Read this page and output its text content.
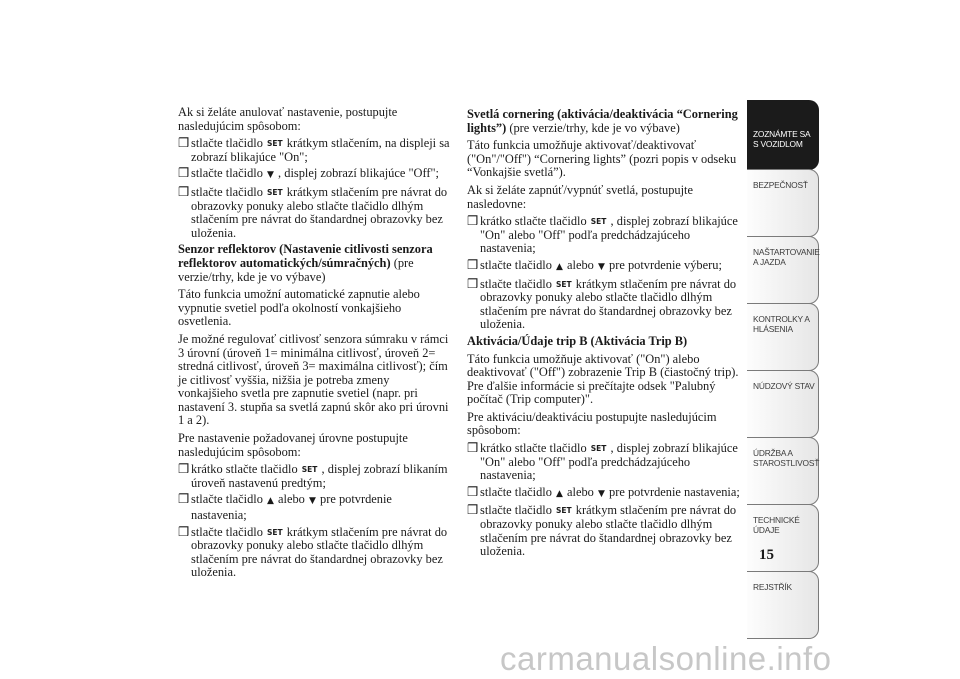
Ak si želáte anulovať nastavenie, postupujte nasledujúcim spôsobom:

❒ stlačte tlačidlo SET krátkym stlačením, na displeji sa zobrazí blikajúce "On";
❒ stlačte tlačidlo ▼ , displej zobrazí blikajúce "Off";
❒ stlačte tlačidlo SET krátkym stlačením pre návrat do obrazovky ponuky alebo stlačte tlačidlo dlhým stlačením pre návrat do štandardnej obrazovky bez uloženia.

Senzor reflektorov (Nastavenie citlivosti senzora reflektorov automatických/súmračných) (pre verzie/trhy, kde je vo výbave)

Táto funkcia umožní automatické zapnutie alebo vypnutie svetiel podľa okolností vonkajšieho osvetlenia.

Je možné regulovať citlivosť senzora súmraku v rámci 3 úrovní (úroveň 1= minimálna citlivosť, úroveň 2= stredná citlivosť, úroveň 3= maximálna citlivosť); čím je citlivosť vyššia, nižšia je potreba zmeny vonkajšieho svetla pre zapnutie svetiel (napr. pri nastavení 3. stupňa sa svetlá zapnú skôr ako pri úrovni 1 a 2).

Pre nastavenie požadovanej úrovne postupujte nasledujúcim spôsobom:

❒ krátko stlačte tlačidlo SET , displej zobrazí blikaním úroveň nastavenú predtým;
❒ stlačte tlačidlo ▲ alebo ▼ pre potvrdenie nastavenia;
❒ stlačte tlačidlo SET krátkym stlačením pre návrat do obrazovky ponuky alebo stlačte tlačidlo dlhým stlačením pre návrat do štandardnej obrazovky bez uloženia.

Svetlá cornering (aktivácia/deaktivácia “Cornering lights”) (pre verzie/trhy, kde je vo výbave)

Táto funkcia umožňuje aktivovať/deaktivovať ("On"/"Off") “Cornering lights” (pozri popis v odseku “Vonkajšie svetlá”).

Ak si želáte zapnúť/vypnúť svetlá, postupujte nasledovne:

❒ krátko stlačte tlačidlo SET , displej zobrazí blikajúce "On" alebo "Off" podľa predchádzajúceho nastavenia;
❒ stlačte tlačidlo ▲ alebo ▼ pre potvrdenie výberu;
❒ stlačte tlačidlo SET krátkym stlačením pre návrat do obrazovky ponuky alebo stlačte tlačidlo dlhým stlačením pre návrat do štandardnej obrazovky bez uloženia.

Aktivácia/Údaje trip B (Aktivácia Trip B)

Táto funkcia umožňuje aktivovať ("On") alebo deaktivovať ("Off") zobrazenie Trip B (čiastočný trip). Pre ďalšie informácie si prečítajte odsek "Palubný počítač (Trip computer)".

Pre aktiváciu/deaktiváciu postupujte nasledujúcim spôsobom:

❒ krátko stlačte tlačidlo SET , displej zobrazí blikajúce "On" alebo "Off" podľa predchádzajúceho nastavenia;
❒ stlačte tlačidlo ▲ alebo ▼ pre potvrdenie nastavenia;
❒ stlačte tlačidlo SET krátkym stlačením pre návrat do obrazovky ponuky alebo stlačte tlačidlo dlhým stlačením pre návrat do štandardnej obrazovky bez uloženia.
ZOZNÁMTE SA S VOZIDLOM
BEZPEČNOSŤ
NAŠTARTOVANIE A JAZDA
KONTROLKY A HLÁSENIA
NÚDZOVÝ STAV
ÚDRŽBA A STAROSTLIVOSŤ
TECHNICKÉ ÚDAJE
REJSTŘÍK
15
carmanualsonline.info
